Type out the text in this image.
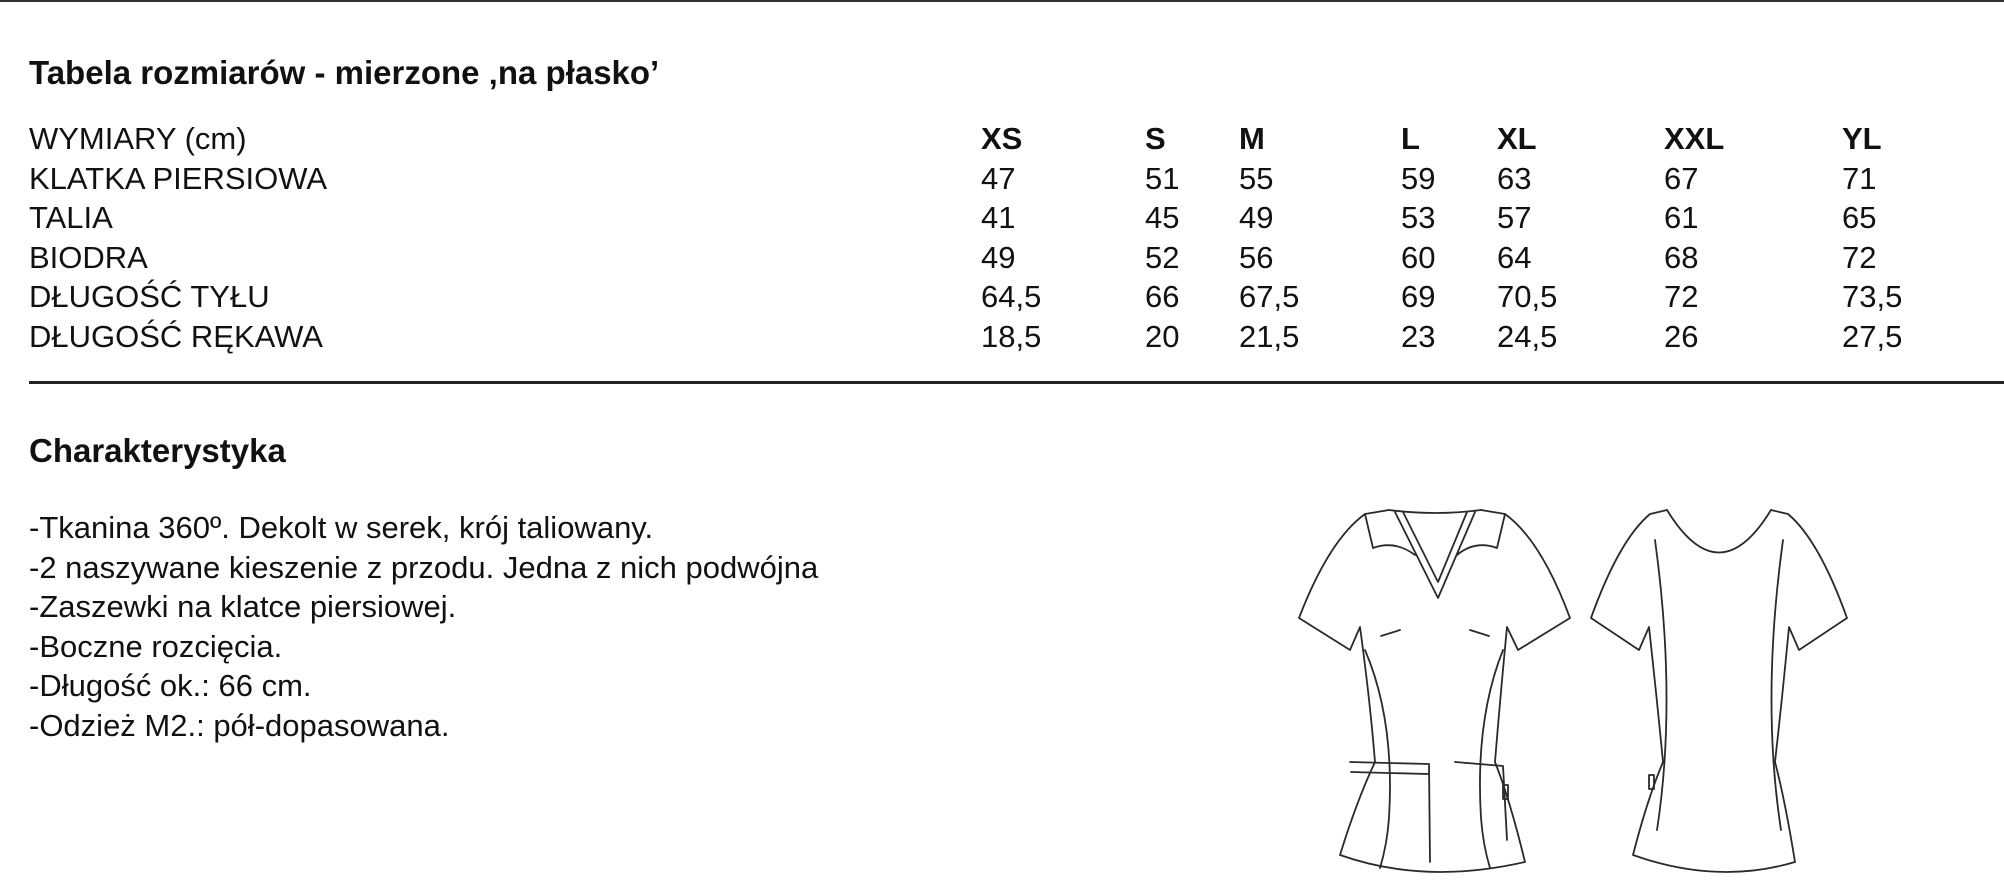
Tabela rozmiarów - mierzone ‚na płasko’
WYMIARY (cm)	XS	S	M	L	XL	XXL	YL
KLATKA PIERSIOWA	47	51	55	59	63	67	71
TALIA	41	45	49	53	57	61	65
BIODRA	49	52	56	60	64	68	72
DŁUGOŚĆ TYŁU	64,5	66	67,5	69	70,5	72	73,5
DŁUGOŚĆ RĘKAWA	18,5	20	21,5	23	24,5	26	27,5
Charakterystyka
-Tkanina 360º. Dekolt w serek, krój taliowany.
-2 naszywane kieszenie z przodu. Jedna z nich podwójna
-Zaszewki na klatce piersiowej.
-Boczne rozcięcia.
-Długość ok.: 66 cm.
-Odzież M2.: pół-dopasowana.
